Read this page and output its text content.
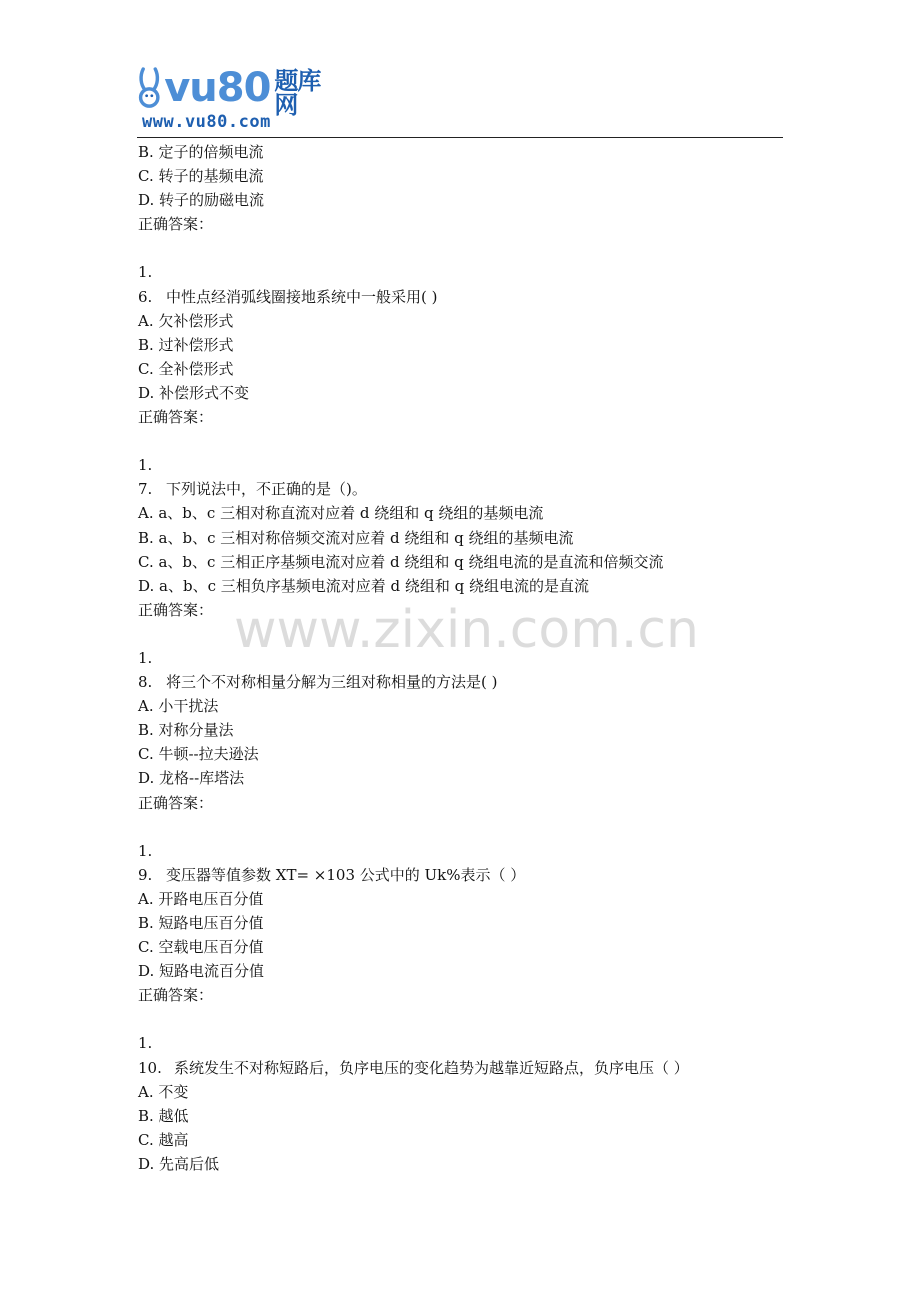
vu80 题库网
www.vu80.com
www.zixin.com.cn
B. 定子的倍频电流
C. 转子的基频电流
D. 转子的励磁电流
正确答案：
1.
6. 中性点经消弧线圈接地系统中一般采用( )
A. 欠补偿形式
B. 过补偿形式
C. 全补偿形式
D. 补偿形式不变
正确答案：
1.
7. 下列说法中，不正确的是（)。
A. a、b、c 三相对称直流对应着 d 绕组和 q 绕组的基频电流
B. a、b、c 三相对称倍频交流对应着 d 绕组和 q 绕组的基频电流
C. a、b、c 三相正序基频电流对应着 d 绕组和 q 绕组电流的是直流和倍频交流
D. a、b、c 三相负序基频电流对应着 d 绕组和 q 绕组电流的是直流
正确答案：
1.
8. 将三个不对称相量分解为三组对称相量的方法是( )
A. 小干扰法
B. 对称分量法
C. 牛顿--拉夫逊法
D. 龙格--库塔法
正确答案：
1.
9. 变压器等值参数 XT= ×103 公式中的 Uk%表示（ ）
A. 开路电压百分值
B. 短路电压百分值
C. 空载电压百分值
D. 短路电流百分值
正确答案：
1.
10. 系统发生不对称短路后，负序电压的变化趋势为越靠近短路点，负序电压（ ）
A. 不变
B. 越低
C. 越高
D. 先高后低
